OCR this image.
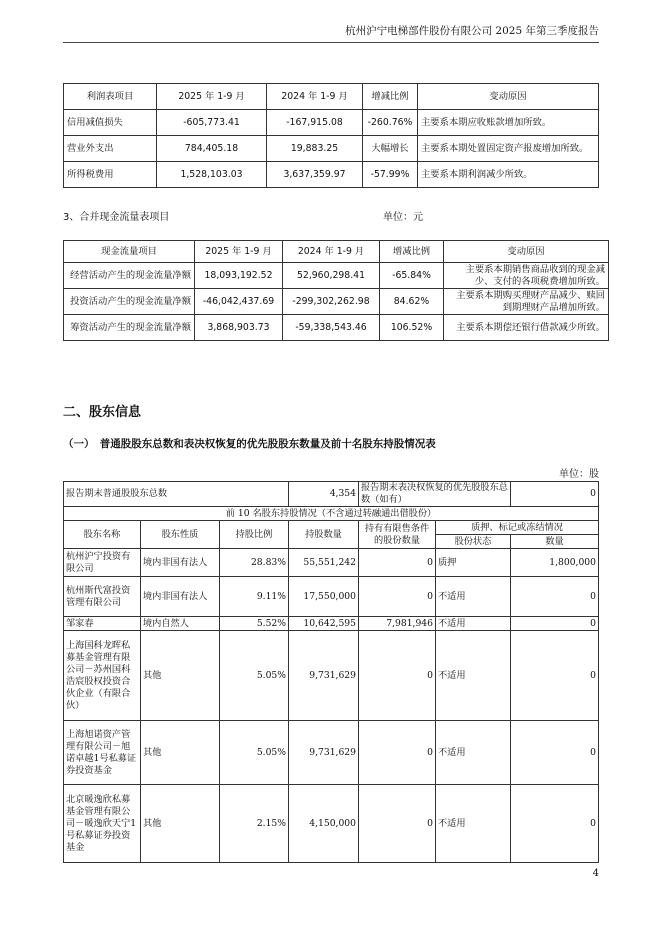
杭州沪宁电梯部件股份有限公司 2025 年第三季度报告
利润表项目	2025 年 1-9 月	2024 年 1-9 月	增减比例	变动原因
信用减值损失	-605,773.41	-167,915.08	-260.76%	主要系本期应收账款增加所致。
营业外支出	784,405.18	19,883.25	大幅增长	主要系本期处置固定资产报废增加所致。
所得税费用	1,528,103.03	3,637,359.97	-57.99%	主要系本期利润减少所致。
3、合并现金流量表项目	单位：元
现金流量项目	2025 年 1-9 月	2024 年 1-9 月	增减比例	变动原因
经营活动产生的现金流量净额	18,093,192.52	52,960,298.41	-65.84%	主要系本期销售商品收到的现金减少、支付的各项税费增加所致。
投资活动产生的现金流量净额	-46,042,437.69	-299,302,262.98	84.62%	主要系本期购买理财产品减少、赎回到期理财产品增加所致。
筹资活动产生的现金流量净额	3,868,903.73	-59,338,543.46	106.52%	主要系本期偿还银行借款减少所致。
二、股东信息
（一）　普通股股东总数和表决权恢复的优先股股东数量及前十名股东持股情况表
单位：股
报告期末普通股股东总数			4,354	报告期末表决权恢复的优先股股东总数（如有）		0
前 10 名股东持股情况（不含通过转融通出借股份）						
股东名称	股东性质	持股比例	持股数量	持有有限售条件的股份数量	质押、标记或冻结情况	
					股份状态	数量
杭州沪宁投资有限公司	境内非国有法人	28.83%	55,551,242	0	质押	1,800,000
杭州斯代富投资管理有限公司	境内非国有法人	9.11%	17,550,000	0	不适用	0
邹家春	境内自然人	5.52%	10,642,595	7,981,946	不适用	0
上海国科龙晖私募基金管理有限公司－苏州国科浩宸股权投资合伙企业（有限合伙）	其他	5.05%	9,731,629	0	不适用	0
上海旭诺资产管理有限公司－旭诺卓越1号私募证券投资基金	其他	5.05%	9,731,629	0	不适用	0
北京暖逸欣私募基金管理有限公司－暖逸欣天宁1号私募证券投资基金	其他	2.15%	4,150,000	0	不适用	0
4
